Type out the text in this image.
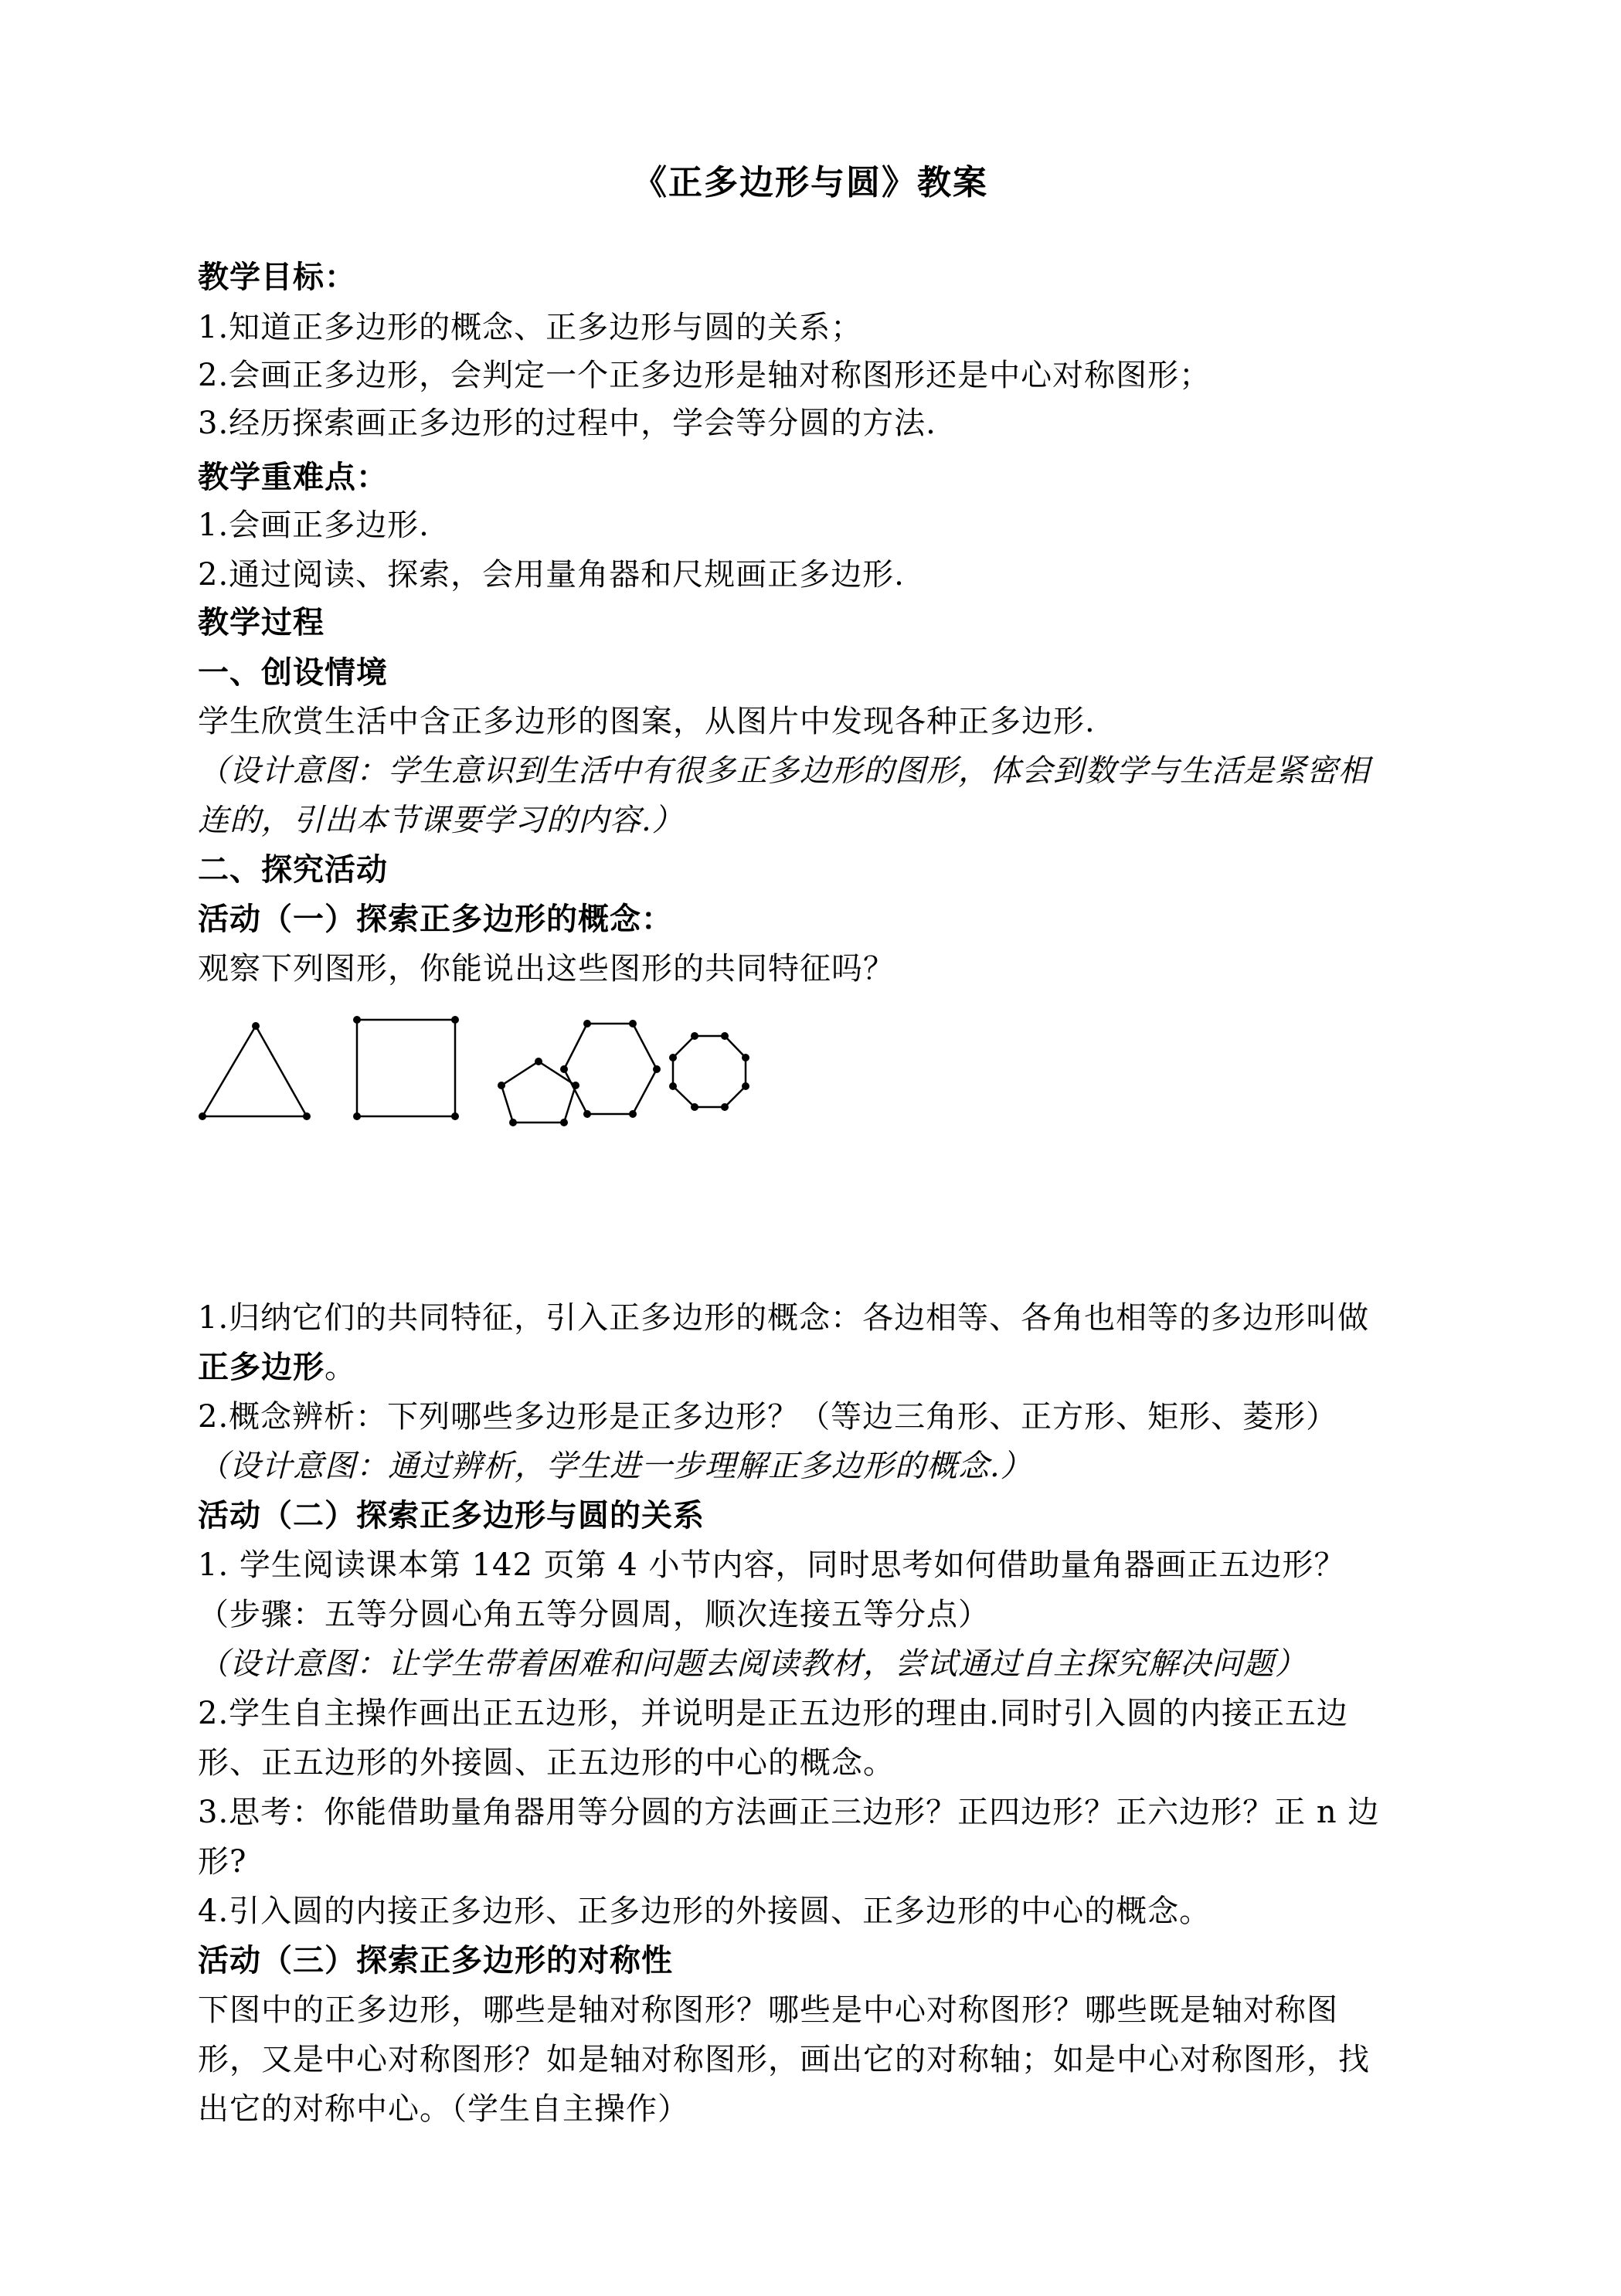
《正多边形与圆》教案
教学目标：
1.知道正多边形的概念、正多边形与圆的关系；
2.会画正多边形，会判定一个正多边形是轴对称图形还是中心对称图形；
3.经历探索画正多边形的过程中，学会等分圆的方法.
教学重难点：
1.会画正多边形.
2.通过阅读、探索，会用量角器和尺规画正多边形.
教学过程
一、创设情境
学生欣赏生活中含正多边形的图案，从图片中发现各种正多边形.
（设计意图：学生意识到生活中有很多正多边形的图形，体会到数学与生活是紧密相
连的，引出本节课要学习的内容.）
二、探究活动
活动（一）探索正多边形的概念：
观察下列图形，你能说出这些图形的共同特征吗？
1.归纳它们的共同特征，引入正多边形的概念：各边相等、各角也相等的多边形叫做
正多边形。
2.概念辨析：下列哪些多边形是正多边形？（等边三角形、正方形、矩形、菱形）
（设计意图：通过辨析，学生进一步理解正多边形的概念.）
活动（二）探索正多边形与圆的关系
1. 学生阅读课本第 142 页第 4 小节内容，同时思考如何借助量角器画正五边形？
（步骤：五等分圆心角五等分圆周，顺次连接五等分点）
（设计意图：让学生带着困难和问题去阅读教材，尝试通过自主探究解决问题）
2.学生自主操作画出正五边形，并说明是正五边形的理由.同时引入圆的内接正五边
形、正五边形的外接圆、正五边形的中心的概念。
3.思考：你能借助量角器用等分圆的方法画正三边形？正四边形？正六边形？正 n 边
形?
4.引入圆的内接正多边形、正多边形的外接圆、正多边形的中心的概念。
活动（三）探索正多边形的对称性
下图中的正多边形，哪些是轴对称图形？哪些是中心对称图形？哪些既是轴对称图
形，又是中心对称图形？如是轴对称图形，画出它的对称轴；如是中心对称图形，找
出它的对称中心。（学生自主操作）
